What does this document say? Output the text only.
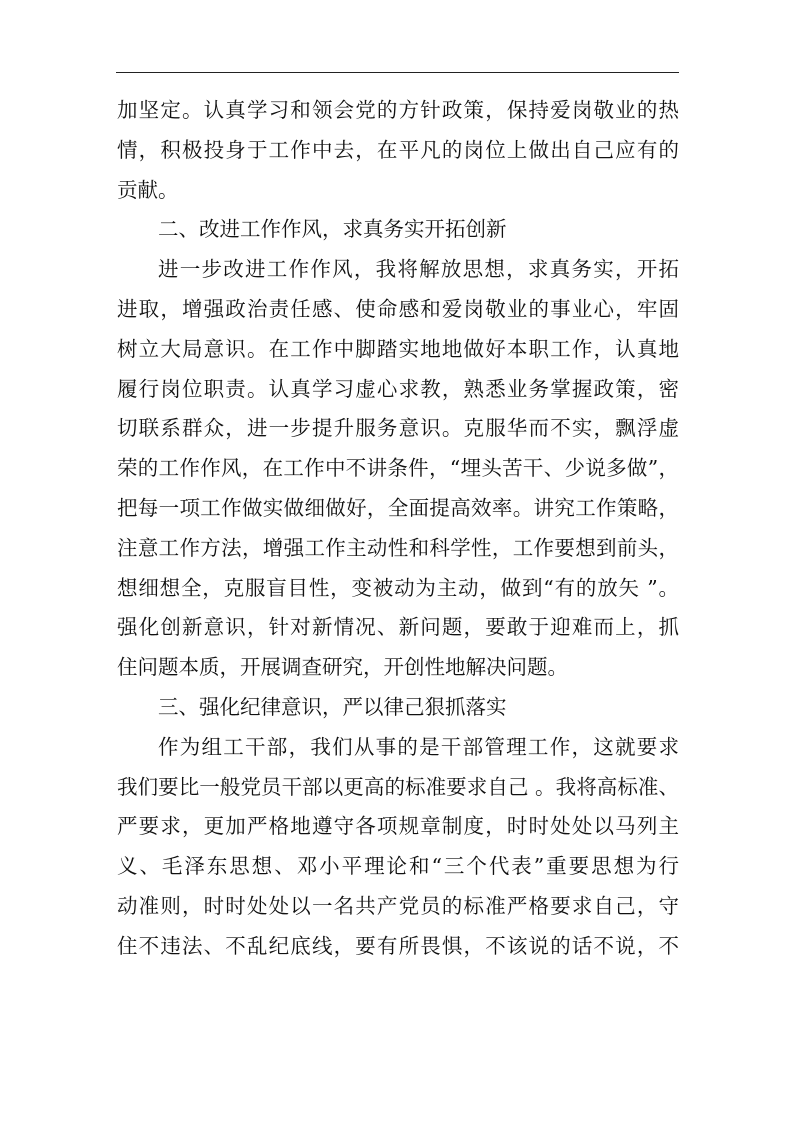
加坚定。认真学习和领会党的方针政策，保持爱岗敬业的热
情，积极投身于工作中去，在平凡的岗位上做出自己应有的
贡献。
二、改进工作作风，求真务实开拓创新
进一步改进工作作风，我将解放思想，求真务实，开拓
进取，增强政治责任感、使命感和爱岗敬业的事业心，牢固
树立大局意识。在工作中脚踏实地地做好本职工作，认真地
履行岗位职责。认真学习虚心求教，熟悉业务掌握政策，密
切联系群众，进一步提升服务意识。克服华而不实，飘浮虚
荣的工作作风，在工作中不讲条件，“埋头苦干、少说多做”，
把每一项工作做实做细做好，全面提高效率。讲究工作策略，
注意工作方法，增强工作主动性和科学性，工作要想到前头，
想细想全，克服盲目性，变被动为主动，做到“有的放矢 ”。
强化创新意识，针对新情况、新问题，要敢于迎难而上，抓
住问题本质，开展调查研究，开创性地解决问题。
三、强化纪律意识，严以律己狠抓落实
作为组工干部，我们从事的是干部管理工作，这就要求
我们要比一般党员干部以更高的标准要求自己 。我将高标准、
严要求，更加严格地遵守各项规章制度，时时处处以马列主
义、毛泽东思想、邓小平理论和“三个代表”重要思想为行
动准则，时时处处以一名共产党员的标准严格要求自己，守
住不违法、不乱纪底线，要有所畏惧，不该说的话不说，不
